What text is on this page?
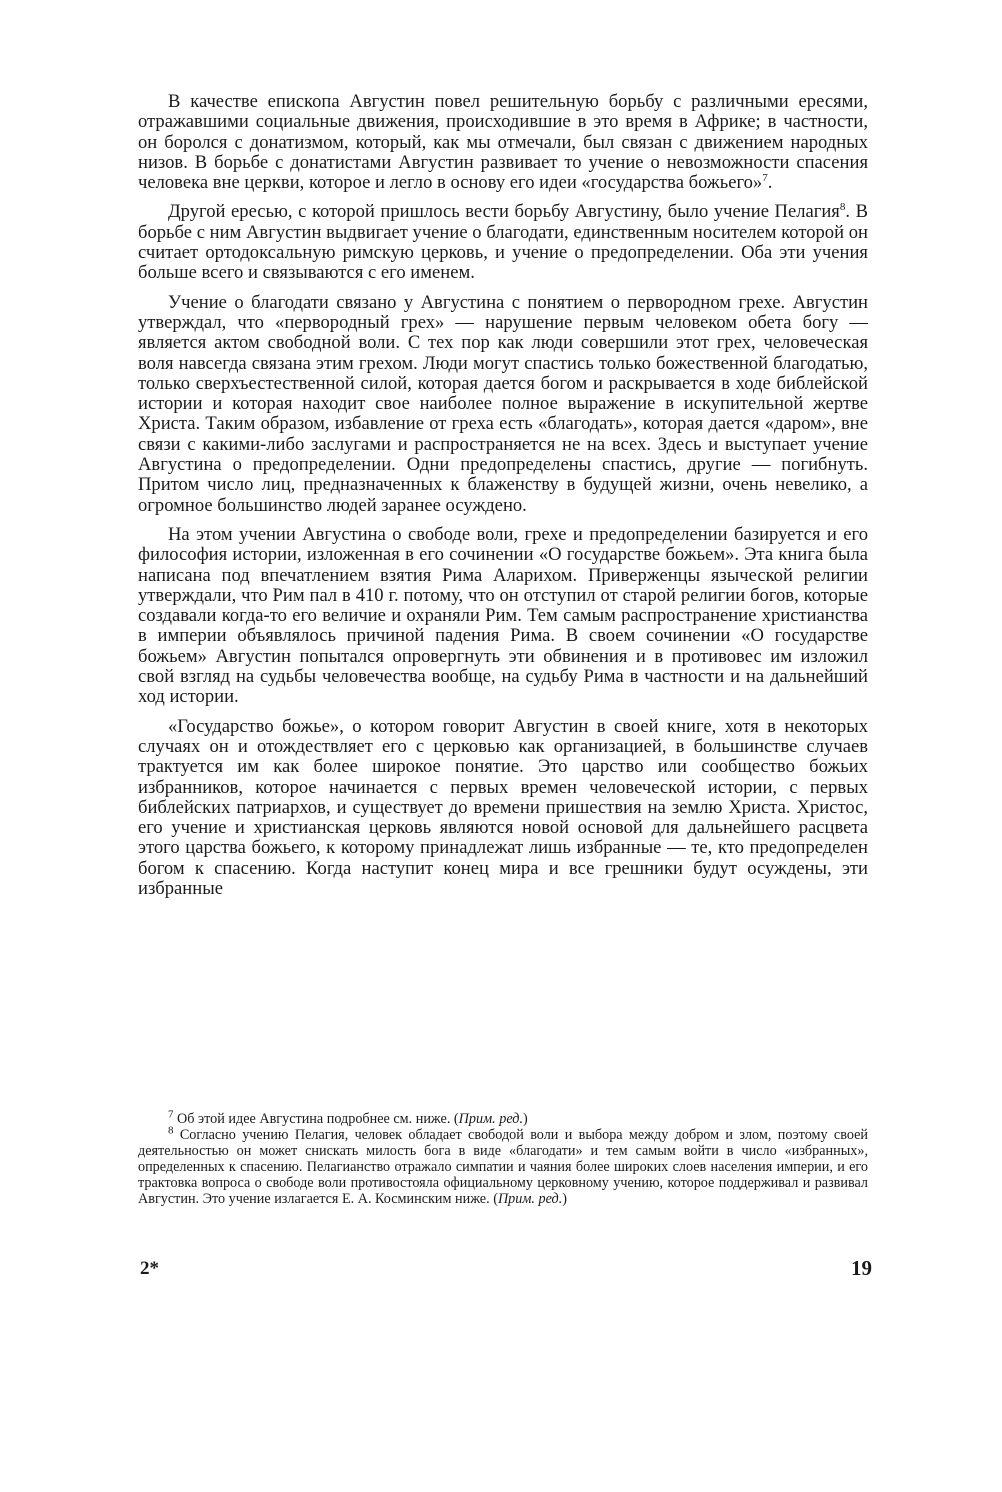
В качестве епископа Августин повел решительную борьбу с различными ересями, отражавшими социальные движения, происходившие в это время в Африке; в частности, он боролся с донатизмом, который, как мы отмечали, был связан с движением народных низов. В борьбе с донатистами Августин развивает то учение о невозможности спасения человека вне церкви, которое и легло в основу его идеи «государства божьего»$^7$.

Другой ересью, с которой пришлось вести борьбу Августину, было учение Пелагия$^8$. В борьбе с ним Августин выдвигает учение о благодати, единственным носителем которой он считает ортодоксальную римскую церковь, и учение о предопределении. Оба эти учения больше всего и связываются с его именем.

Учение о благодати связано у Августина с понятием о первородном грехе. Августин утверждал, что «первородный грех» — нарушение первым человеком обета богу — является актом свободной воли. С тех пор как люди совершили этот грех, человеческая воля навсегда связана этим грехом. Люди могут спастись только божественной благодатью, только сверхъестественной силой, которая дается богом и раскрывается в ходе библейской истории и которая находит свое наиболее полное выражение в искупительной жертве Христа. Таким образом, избавление от греха есть «благодать», которая дается «даром», вне связи с какими-либо заслугами и распространяется не на всех. Здесь и выступает учение Августина о предопределении. Одни предопределены спастись, другие — погибнуть. Притом число лиц, предназначенных к блаженству в будущей жизни, очень невелико, а огромное большинство людей заранее осуждено.

На этом учении Августина о свободе воли, грехе и предопределении базируется и его философия истории, изложенная в его сочинении «О государстве божьем». Эта книга была написана под впечатлением взятия Рима Аларихом. Приверженцы языческой религии утверждали, что Рим пал в 410 г. потому, что он отступил от старой религии богов, которые создавали когда-то его величие и охраняли Рим. Тем самым распространение христианства в империи объявлялось причиной падения Рима. В своем сочинении «О государстве божьем» Августин попытался опровергнуть эти обвинения и в противовес им изложил свой взгляд на судьбы человечества вообще, на судьбу Рима в частности и на дальнейший ход истории.

«Государство божье», о котором говорит Августин в своей книге, хотя в некоторых случаях он и отождествляет его с церковью как организацией, в большинстве случаев трактуется им как более широкое понятие. Это царство или сообщество божьих избранников, которое начинается с первых времен человеческой истории, с первых библейских патриархов, и существует до времени пришествия на землю Христа. Христос, его учение и христианская церковь являются новой основой для дальнейшего расцвета этого царства божьего, к которому принадлежат лишь избранные — те, кто предопределен богом к спасению. Когда наступит конец мира и все грешники будут осуждены, эти избранные

$^7$ Об этой идее Августина подробнее см. ниже. (Прим. ред.)

$^8$ Согласно учению Пелагия, человек обладает свободой воли и выбора между добром и злом, поэтому своей деятельностью он может снискать милость бога в виде «благодати» и тем самым войти в число «избранных», определенных к спасению. Пелагианство отражало симпатии и чаяния более широких слоев населения империи, и его трактовка вопроса о свободе воли противостояла официальному церковному учению, которое поддерживал и развивал Августин. Это учение излагается Е. А. Косминским ниже. (Прим. ред.)

2*	19
